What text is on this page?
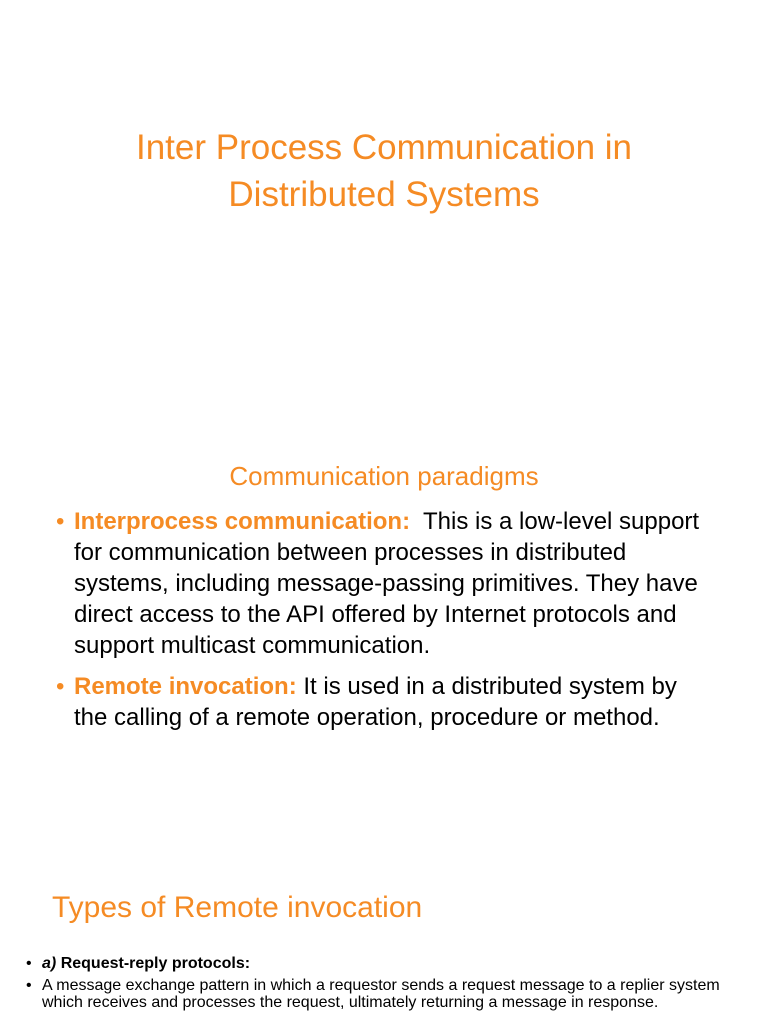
Inter Process Communication in
Distributed Systems
Communication paradigms
• Interprocess communication: This is a low-level support for communication between processes in distributed systems, including message-passing primitives. They have direct access to the API offered by Internet protocols and support multicast communication.
• Remote invocation: It is used in a distributed system by the calling of a remote operation, procedure or method.
Types of Remote invocation
• a) Request-reply protocols:
• A message exchange pattern in which a requestor sends a request message to a replier system which receives and processes the request, ultimately returning a message in response.
